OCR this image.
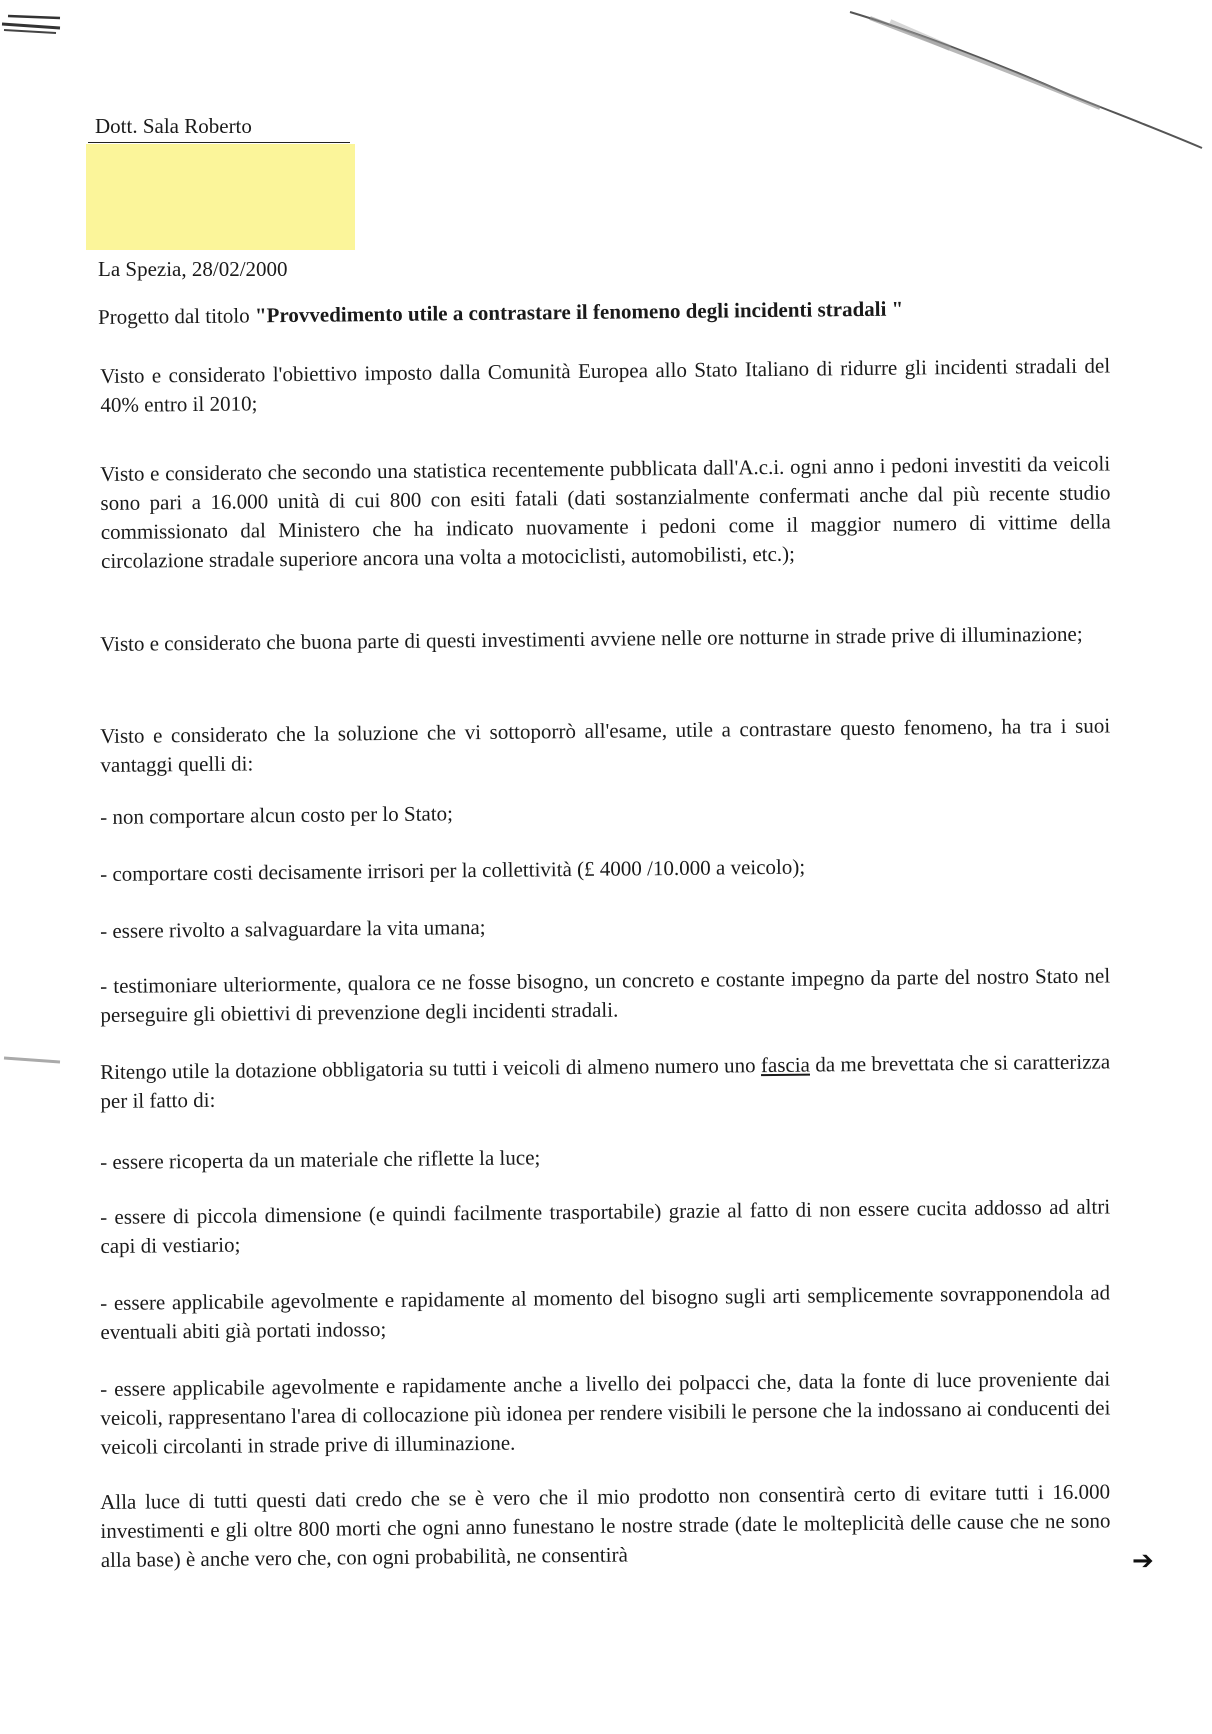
Dott. Sala Roberto
La Spezia, 28/02/2000
Progetto dal titolo "Provvedimento utile a contrastare il fenomeno degli incidenti stradali "

Visto e considerato l'obiettivo imposto dalla Comunità Europea allo Stato Italiano di ridurre gli incidenti stradali del 40% entro il 2010;

Visto e considerato che secondo una statistica recentemente pubblicata dall'A.c.i. ogni anno i pedoni investiti da veicoli sono pari a 16.000 unità di cui 800 con esiti fatali (dati sostanzialmente confermati anche dal più recente studio commissionato dal Ministero che ha indicato nuovamente i pedoni come il maggior numero di vittime della circolazione stradale superiore ancora una volta a motociclisti, automobilisti, etc.);

Visto e considerato che buona parte di questi investimenti avviene nelle ore notturne in strade prive di illuminazione;

Visto e considerato che la soluzione che vi sottoporrò all'esame, utile a contrastare questo fenomeno, ha tra i suoi vantaggi quelli di:

- non comportare alcun costo per lo Stato;

- comportare costi decisamente irrisori per la collettività (£ 4000 /10.000 a veicolo);

- essere rivolto a salvaguardare la vita umana;

- testimoniare ulteriormente, qualora ce ne fosse bisogno, un concreto e costante impegno da parte del nostro Stato nel perseguire gli obiettivi di prevenzione degli incidenti stradali.

Ritengo utile la dotazione obbligatoria su tutti i veicoli di almeno numero uno fascia da me brevettata che si caratterizza per il fatto di:

- essere ricoperta da un materiale che riflette la luce;

- essere di piccola dimensione (e quindi facilmente trasportabile) grazie al fatto di non essere cucita addosso ad altri capi di vestiario;

- essere applicabile agevolmente e rapidamente al momento del bisogno sugli arti semplicemente sovrapponendola ad eventuali abiti già portati indosso;

- essere applicabile agevolmente e rapidamente anche a livello dei polpacci che, data la fonte di luce proveniente dai veicoli, rappresentano l'area di collocazione più idonea per rendere visibili le persone che la indossano ai conducenti dei veicoli circolanti in strade prive di illuminazione.

Alla luce di tutti questi dati credo che se è vero che il mio prodotto non consentirà certo di evitare tutti i 16.000 investimenti e gli oltre 800 morti che ogni anno funestano le nostre strade (date le molteplicità delle cause che ne sono alla base) è anche vero che, con ogni probabilità, ne consentirà	➔
